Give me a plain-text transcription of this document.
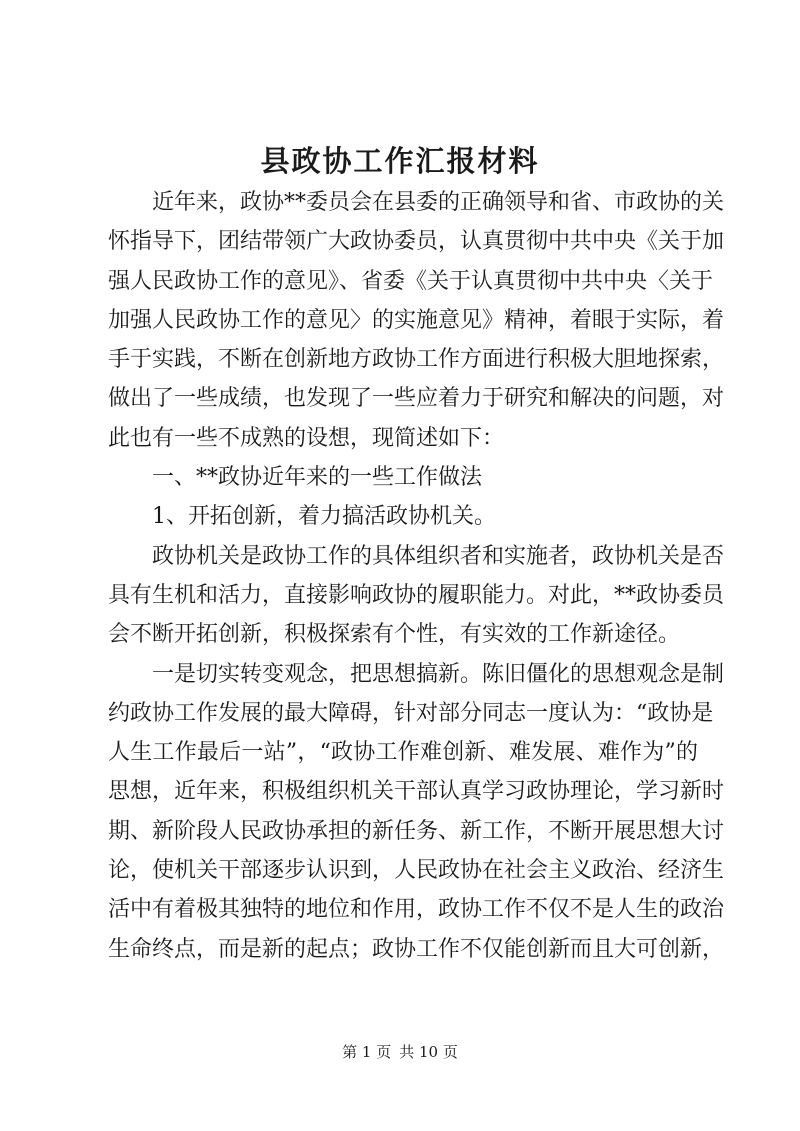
县政协工作汇报材料
近年来，政协**委员会在县委的正确领导和省、市政协的关
怀指导下，团结带领广大政协委员，认真贯彻中共中央《关于加
强人民政协工作的意见》、省委《关于认真贯彻中共中央〈关于
加强人民政协工作的意见〉的实施意见》精神，着眼于实际，着
手于实践，不断在创新地方政协工作方面进行积极大胆地探索，
做出了一些成绩，也发现了一些应着力于研究和解决的问题，对
此也有一些不成熟的设想，现简述如下：
一、**政协近年来的一些工作做法
1、开拓创新，着力搞活政协机关。
政协机关是政协工作的具体组织者和实施者，政协机关是否
具有生机和活力，直接影响政协的履职能力。对此，**政协委员
会不断开拓创新，积极探索有个性，有实效的工作新途径。
一是切实转变观念，把思想搞新。陈旧僵化的思想观念是制
约政协工作发展的最大障碍，针对部分同志一度认为：“政协是
人生工作最后一站”，“政协工作难创新、难发展、难作为”的
思想，近年来，积极组织机关干部认真学习政协理论，学习新时
期、新阶段人民政协承担的新任务、新工作，不断开展思想大讨
论，使机关干部逐步认识到，人民政协在社会主义政治、经济生
活中有着极其独特的地位和作用，政协工作不仅不是人生的政治
生命终点，而是新的起点；政协工作不仅能创新而且大可创新，
第 1 页 共 10 页
